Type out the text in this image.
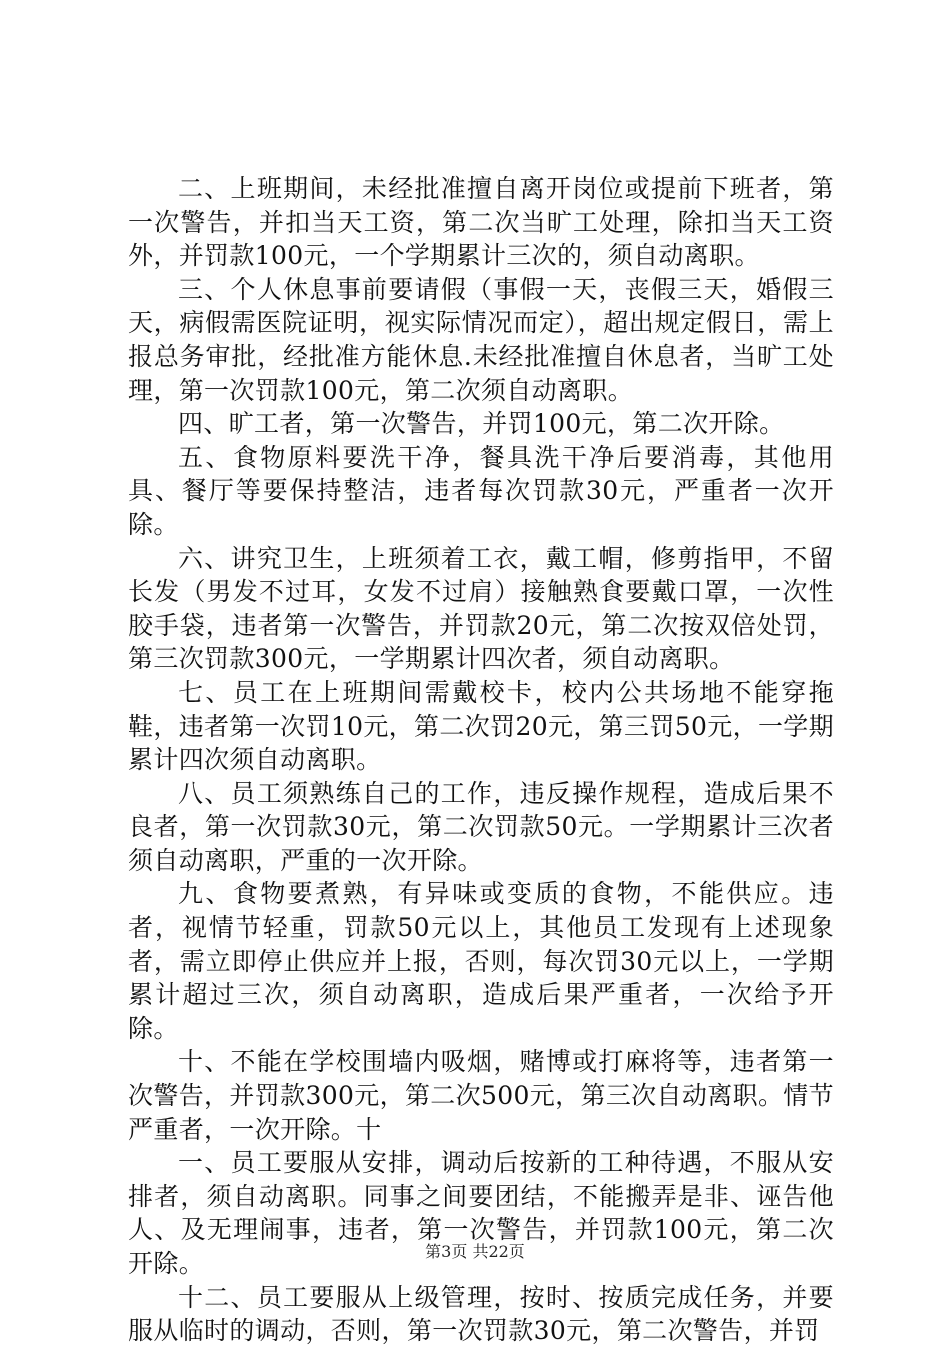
二、上班期间，未经批准擅自离开岗位或提前下班者，第一次警告，并扣当天工资，第二次当旷工处理，除扣当天工资外，并罚款100元，一个学期累计三次的，须自动离职。

三、个人休息事前要请假（事假一天，丧假三天，婚假三天，病假需医院证明，视实际情况而定），超出规定假日，需上报总务审批，经批准方能休息.未经批准擅自休息者，当旷工处理，第一次罚款100元，第二次须自动离职。

四、旷工者，第一次警告，并罚100元，第二次开除。

五、食物原料要洗干净，餐具洗干净后要消毒，其他用具、餐厅等要保持整洁，违者每次罚款30元，严重者一次开除。

六、讲究卫生，上班须着工衣，戴工帽，修剪指甲，不留长发（男发不过耳，女发不过肩）接触熟食要戴口罩，一次性胶手袋，违者第一次警告，并罚款20元，第二次按双倍处罚，第三次罚款300元，一学期累计四次者，须自动离职。

七、员工在上班期间需戴校卡，校内公共场地不能穿拖鞋，违者第一次罚10元，第二次罚20元，第三罚50元，一学期累计四次须自动离职。

八、员工须熟练自己的工作，违反操作规程，造成后果不良者，第一次罚款30元，第二次罚款50元。一学期累计三次者须自动离职，严重的一次开除。

九、食物要煮熟，有异味或变质的食物，不能供应。违者，视情节轻重，罚款50元以上，其他员工发现有上述现象者，需立即停止供应并上报，否则，每次罚30元以上，一学期累计超过三次，须自动离职，造成后果严重者，一次给予开除。

十、不能在学校围墙内吸烟，赌博或打麻将等，违者第一次警告，并罚款300元，第二次500元，第三次自动离职。情节严重者，一次开除。十

一、员工要服从安排，调动后按新的工种待遇，不服从安排者，须自动离职。同事之间要团结，不能搬弄是非、诬告他人、及无理闹事，违者，第一次警告，并罚款100元，第二次开除。

十二、员工要服从上级管理，按时、按质完成任务，并要服从临时的调动，否则，第一次罚款30元，第二次警告，并罚

第3页 共22页
